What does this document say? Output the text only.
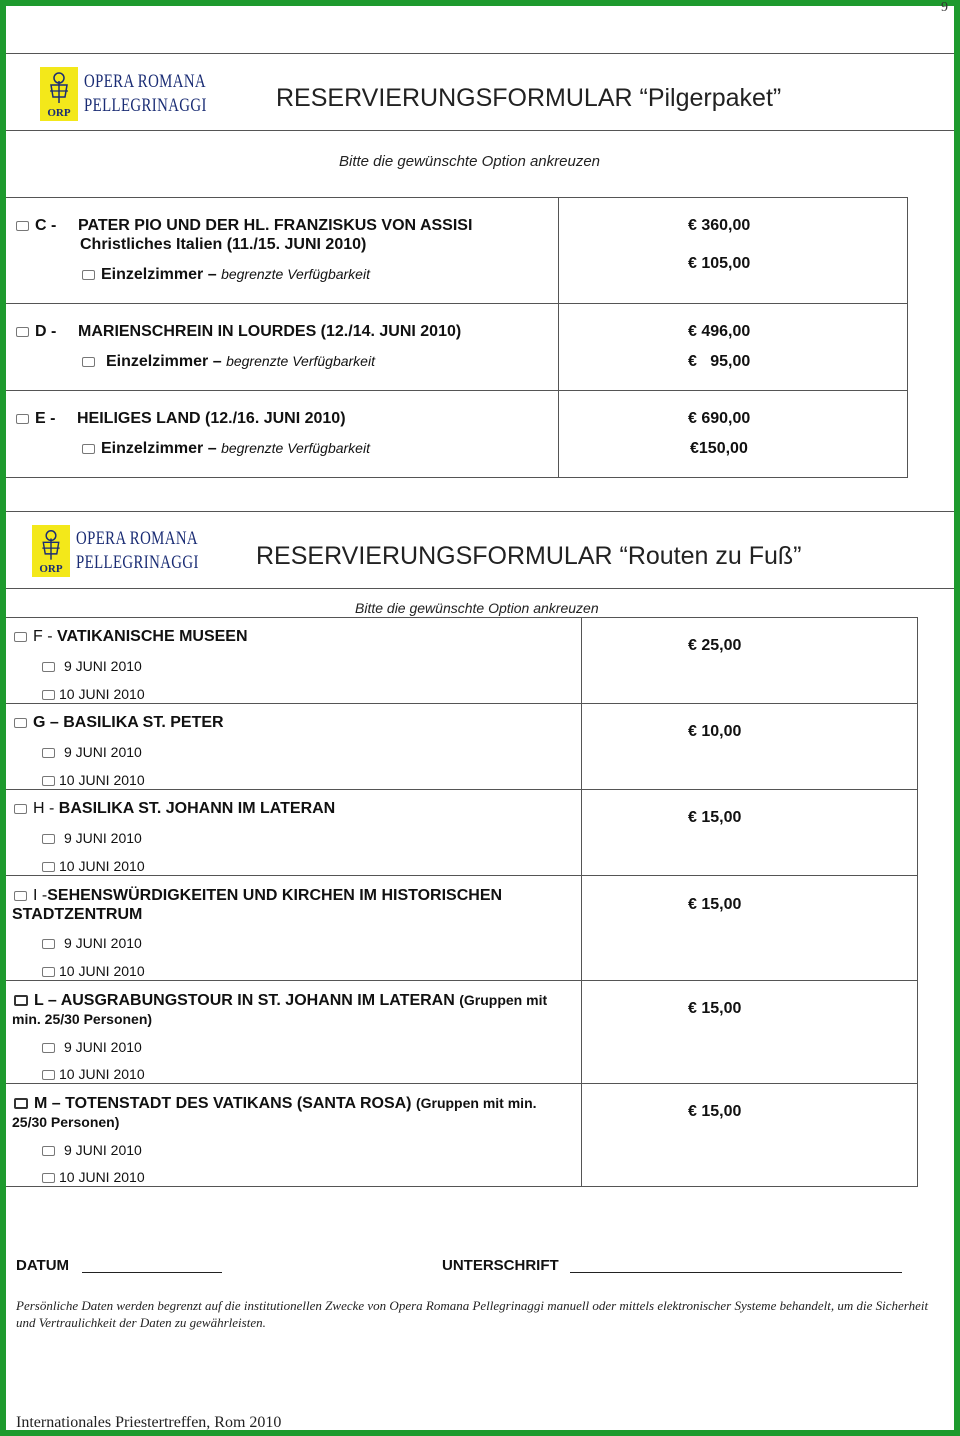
9
ORP
OPERA ROMANA
PELLEGRINAGGI	RESERVIERUNGSFORMULAR “Pilgerpaket”
Bitte die gewünschte Option ankreuzen
C - PATER PIO UND DER HL. FRANZISKUS VON ASSISI
Christliches Italien (11./15. JUNI 2010)
Einzelzimmer – begrenzte Verfügbarkeit
€ 360,00
€ 105,00
D - MARIENSCHREIN IN LOURDES (12./14. JUNI 2010)
Einzelzimmer – begrenzte Verfügbarkeit
€ 496,00
€   95,00
E - HEILIGES LAND (12./16. JUNI 2010)
Einzelzimmer – begrenzte Verfügbarkeit
€ 690,00
€150,00
ORP
OPERA ROMANA
PELLEGRINAGGI RESERVIERUNGSFORMULAR “Routen zu Fuß”
Bitte die gewünschte Option ankreuzen
F - VATIKANISCHE MUSEEN
9 JUNI 2010
10 JUNI 2010
€ 25,00
G – BASILIKA ST. PETER
9 JUNI 2010
10 JUNI 2010
€ 10,00
H - BASILIKA ST. JOHANN IM LATERAN
9 JUNI 2010
10 JUNI 2010
€ 15,00
I -SEHENSWÜRDIGKEITEN UND KIRCHEN IM HISTORISCHEN
STADTZENTRUM
9 JUNI 2010
10 JUNI 2010
€ 15,00
L – AUSGRABUNGSTOUR IN ST. JOHANN IM LATERAN (Gruppen mit
min. 25/30 Personen)
9 JUNI 2010
10 JUNI 2010
€ 15,00
M – TOTENSTADT DES VATIKANS (SANTA ROSA) (Gruppen mit min.
25/30 Personen)
9 JUNI 2010
10 JUNI 2010
€ 15,00
DATUM	UNTERSCHRIFT
Persönliche Daten werden begrenzt auf die institutionellen Zwecke von Opera Romana Pellegrinaggi manuell oder mittels elektronischer Systeme behandelt, um die Sicherheit und Vertraulichkeit der Daten zu gewährleisten.
Internationales Priestertreffen, Rom 2010
